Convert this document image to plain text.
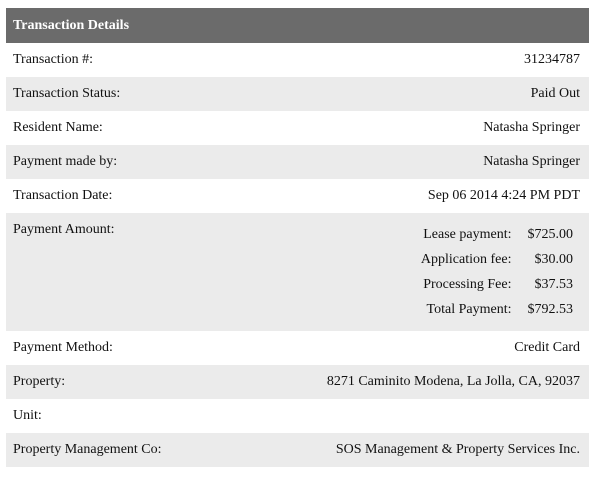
Transaction Details
Transaction #:	31234787
Transaction Status:	Paid Out
Resident Name:	Natasha Springer
Payment made by:	Natasha Springer
Transaction Date:	Sep 06 2014 4:24 PM PDT
Payment Amount:	Lease payment:	$725.00
Application fee:	$30.00
Processing Fee:	$37.53
Total Payment:	$792.53
Payment Method:	Credit Card
Property:	8271 Caminito Modena, La Jolla, CA, 92037
Unit:
Property Management Co:	SOS Management & Property Services Inc.
